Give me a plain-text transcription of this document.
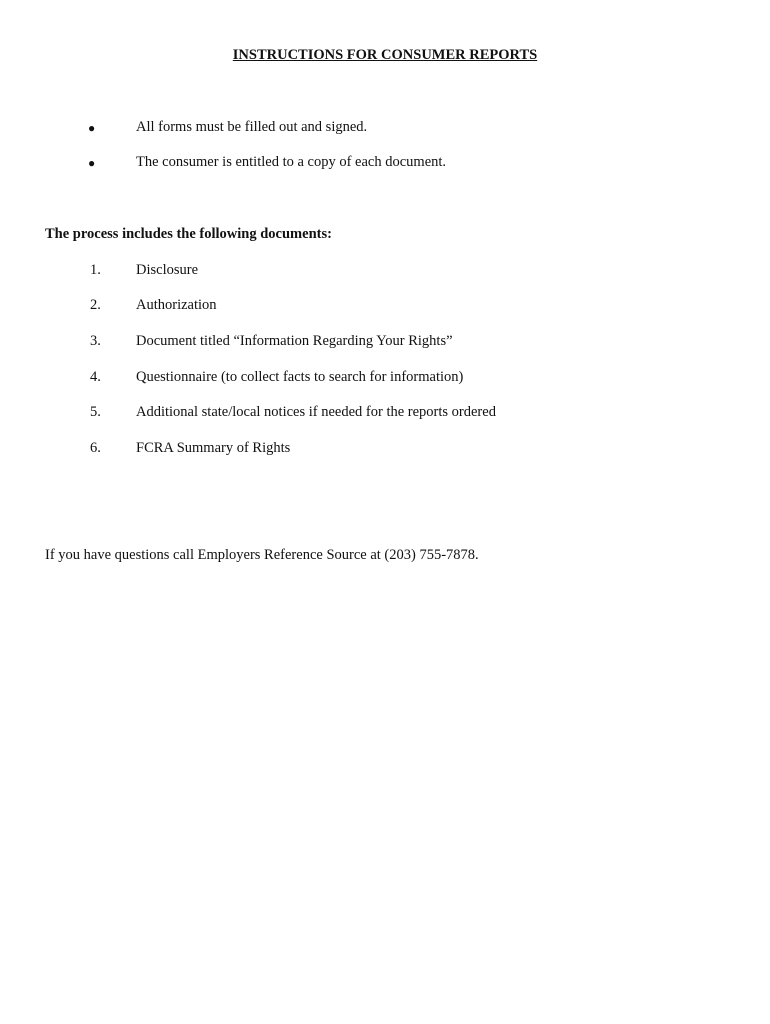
INSTRUCTIONS FOR CONSUMER REPORTS
●	All forms must be filled out and signed.
●	The consumer is entitled to a copy of each document.
The process includes the following documents:
1. Disclosure
2. Authorization
3. Document titled “Information Regarding Your Rights”
4. Questionnaire (to collect facts to search for information)
5. Additional state/local notices if needed for the reports ordered
6. FCRA Summary of Rights
If you have questions call Employers Reference Source at (203) 755-7878.
